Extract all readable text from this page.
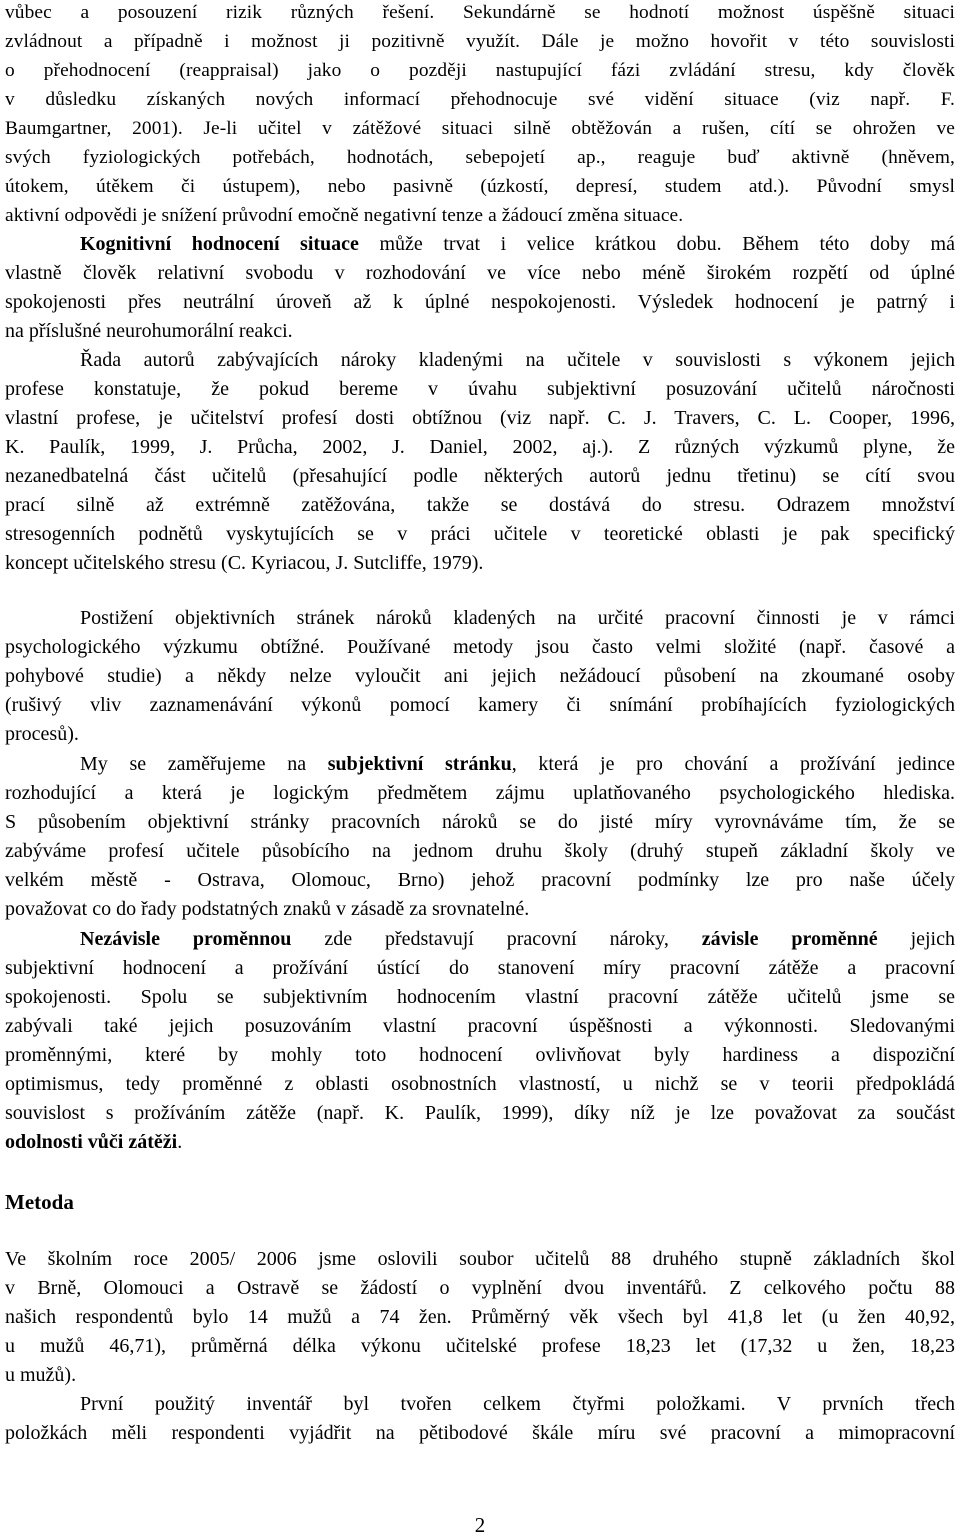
vůbec a posouzení rizik různých řešení. Sekundárně se hodnotí možnost úspěšně situaci
zvládnout a případně i možnost ji pozitivně využít. Dále je možno hovořit v této souvislosti
o přehodnocení (reappraisal) jako o později nastupující fázi zvládání stresu, kdy člověk
v důsledku získaných nových informací přehodnocuje své vidění situace (viz např. F.
Baumgartner, 2001). Je-li učitel v zátěžové situaci silně obtěžován a rušen, cítí se ohrožen ve
svých fyziologických potřebách, hodnotách, sebepojetí ap., reaguje buď aktivně (hněvem,
útokem, útěkem či ústupem), nebo pasivně (úzkostí, depresí, studem atd.). Původní smysl
aktivní odpovědi je snížení průvodní emočně negativní tenze a žádoucí změna situace.
Kognitivní hodnocení situace může trvat i velice krátkou dobu. Během této doby má
vlastně člověk relativní svobodu v rozhodování ve více nebo méně širokém rozpětí od úplné
spokojenosti přes neutrální úroveň až k úplné nespokojenosti. Výsledek hodnocení je patrný i
na příslušné neurohumorální reakci.
Řada autorů zabývajících nároky kladenými na učitele v souvislosti s výkonem jejich
profese konstatuje, že pokud bereme v úvahu subjektivní posuzování učitelů náročnosti
vlastní profese, je učitelství profesí dosti obtížnou (viz např. C. J. Travers, C. L. Cooper, 1996,
K. Paulík, 1999, J. Průcha, 2002, J. Daniel, 2002, aj.). Z různých výzkumů plyne, že
nezanedbatelná část učitelů (přesahující podle některých autorů jednu třetinu) se cítí svou
prací silně až extrémně zatěžována, takže se dostává do stresu. Odrazem množství
stresogenních podnětů vyskytujících se v práci učitele v teoretické oblasti je pak specifický
koncept učitelského stresu (C. Kyriacou, J. Sutcliffe, 1979).
Postižení objektivních stránek nároků kladených na určité pracovní činnosti je v rámci
psychologického výzkumu obtížné. Používané metody jsou často velmi složité (např. časové a
pohybové studie) a někdy nelze vyloučit ani jejich nežádoucí působení na zkoumané osoby
(rušivý vliv zaznamenávání výkonů pomocí kamery či snímání probíhajících fyziologických
procesů).
My se zaměřujeme na subjektivní stránku, která je pro chování a prožívání jedince
rozhodující a která je logickým předmětem zájmu uplatňovaného psychologického hlediska.
S působením objektivní stránky pracovních nároků se do jisté míry vyrovnáváme tím, že se
zabýváme profesí učitele působícího na jednom druhu školy (druhý stupeň základní školy ve
velkém městě - Ostrava, Olomouc, Brno) jehož pracovní podmínky lze pro naše účely
považovat co do řady podstatných znaků v zásadě za srovnatelné.
Nezávisle proměnnou zde představují pracovní nároky, závisle proměnné jejich
subjektivní hodnocení a prožívání ústící do stanovení míry pracovní zátěže a pracovní
spokojenosti. Spolu se subjektivním hodnocením vlastní pracovní zátěže učitelů jsme se
zabývali také jejich posuzováním vlastní pracovní úspěšnosti a výkonnosti. Sledovanými
proměnnými, které by mohly toto hodnocení ovlivňovat byly hardiness a dispoziční
optimismus, tedy proměnné z oblasti osobnostních vlastností, u nichž se v teorii předpokládá
souvislost s prožíváním zátěže (např. K. Paulík, 1999), díky níž je lze považovat za součást
odolnosti vůči zátěži.
Metoda
Ve školním roce 2005/ 2006 jsme oslovili soubor učitelů 88 druhého stupně základních škol
v Brně, Olomouci a Ostravě se žádostí o vyplnění dvou inventářů. Z celkového počtu 88
našich respondentů bylo 14 mužů a 74 žen. Průměrný věk všech byl 41,8 let (u žen 40,92,
u mužů 46,71), průměrná délka výkonu učitelské profese 18,23 let (17,32 u žen, 18,23
u mužů).
První použitý inventář byl tvořen celkem čtyřmi položkami. V prvních třech
položkách měli respondenti vyjádřit na pětibodové škále míru své pracovní a mimopracovní
2
